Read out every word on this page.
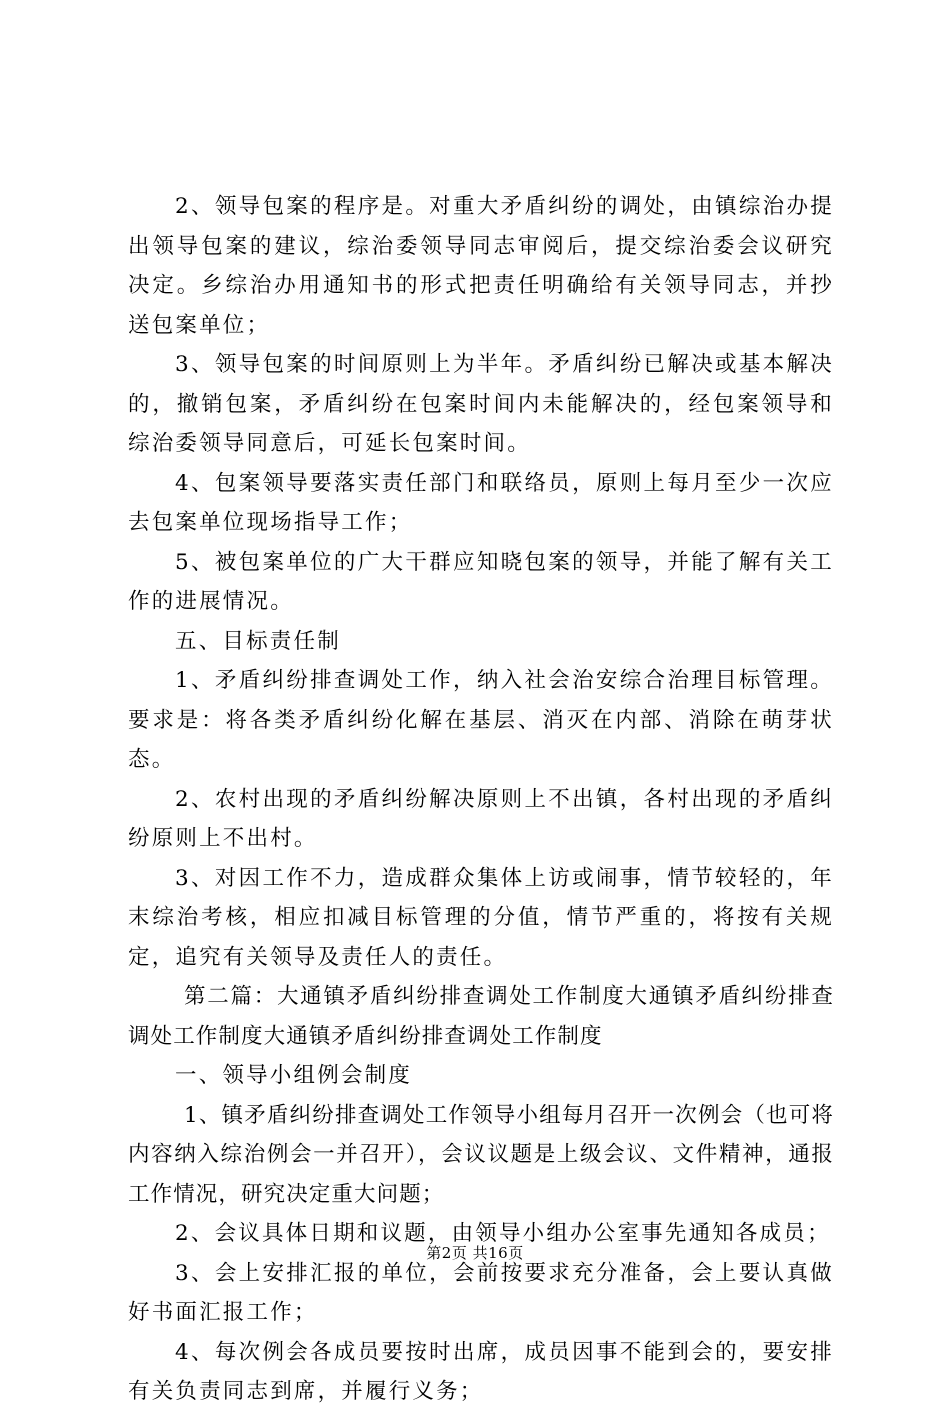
2、领导包案的程序是。对重大矛盾纠纷的调处，由镇综治办提出领导包案的建议，综治委领导同志审阅后，提交综治委会议研究决定。乡综治办用通知书的形式把责任明确给有关领导同志，并抄送包案单位；

3、领导包案的时间原则上为半年。矛盾纠纷已解决或基本解决的，撤销包案，矛盾纠纷在包案时间内未能解决的，经包案领导和综治委领导同意后，可延长包案时间。

4、包案领导要落实责任部门和联络员，原则上每月至少一次应去包案单位现场指导工作；

5、被包案单位的广大干群应知晓包案的领导，并能了解有关工作的进展情况。

五、目标责任制

1、矛盾纠纷排查调处工作，纳入社会治安综合治理目标管理。要求是：将各类矛盾纠纷化解在基层、消灭在内部、消除在萌芽状态。

2、农村出现的矛盾纠纷解决原则上不出镇，各村出现的矛盾纠纷原则上不出村。

3、对因工作不力，造成群众集体上访或闹事，情节较轻的，年末综治考核，相应扣减目标管理的分值，情节严重的，将按有关规定，追究有关领导及责任人的责任。

第二篇：大通镇矛盾纠纷排查调处工作制度大通镇矛盾纠纷排查调处工作制度大通镇矛盾纠纷排查调处工作制度

一、领导小组例会制度

1、镇矛盾纠纷排查调处工作领导小组每月召开一次例会（也可将内容纳入综治例会一并召开），会议议题是上级会议、文件精神，通报工作情况，研究决定重大问题；

2、会议具体日期和议题，由领导小组办公室事先通知各成员；

3、会上安排汇报的单位，会前按要求充分准备，会上要认真做好书面汇报工作；

4、每次例会各成员要按时出席，成员因事不能到会的，要安排有关负责同志到席，并履行义务；

第2页 共16页
